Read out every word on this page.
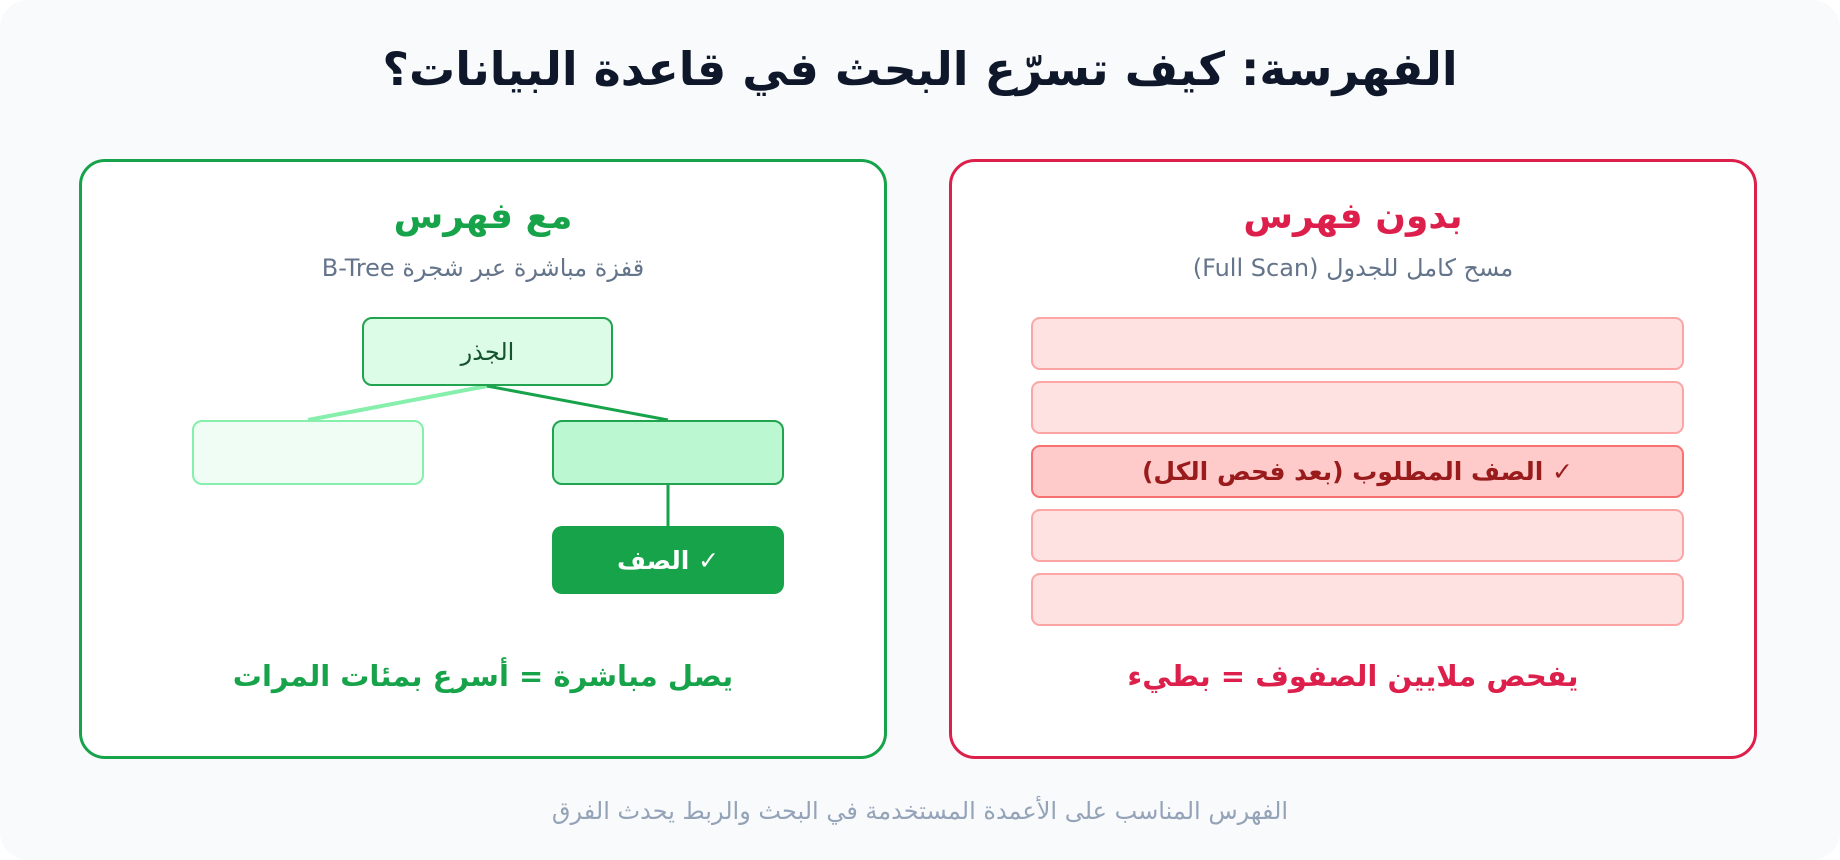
الفهرسة: كيف تسرّع البحث في قاعدة البيانات؟
مع فهرس
قفزة مباشرة عبر شجرة B-Tree
الجذر
✓ الصف
يصل مباشرة = أسرع بمئات المرات
بدون فهرس
مسح كامل للجدول (Full Scan)
✓ الصف المطلوب (بعد فحص الكل)
يفحص ملايين الصفوف = بطيء
الفهرس المناسب على الأعمدة المستخدمة في البحث والربط يحدث الفرق
